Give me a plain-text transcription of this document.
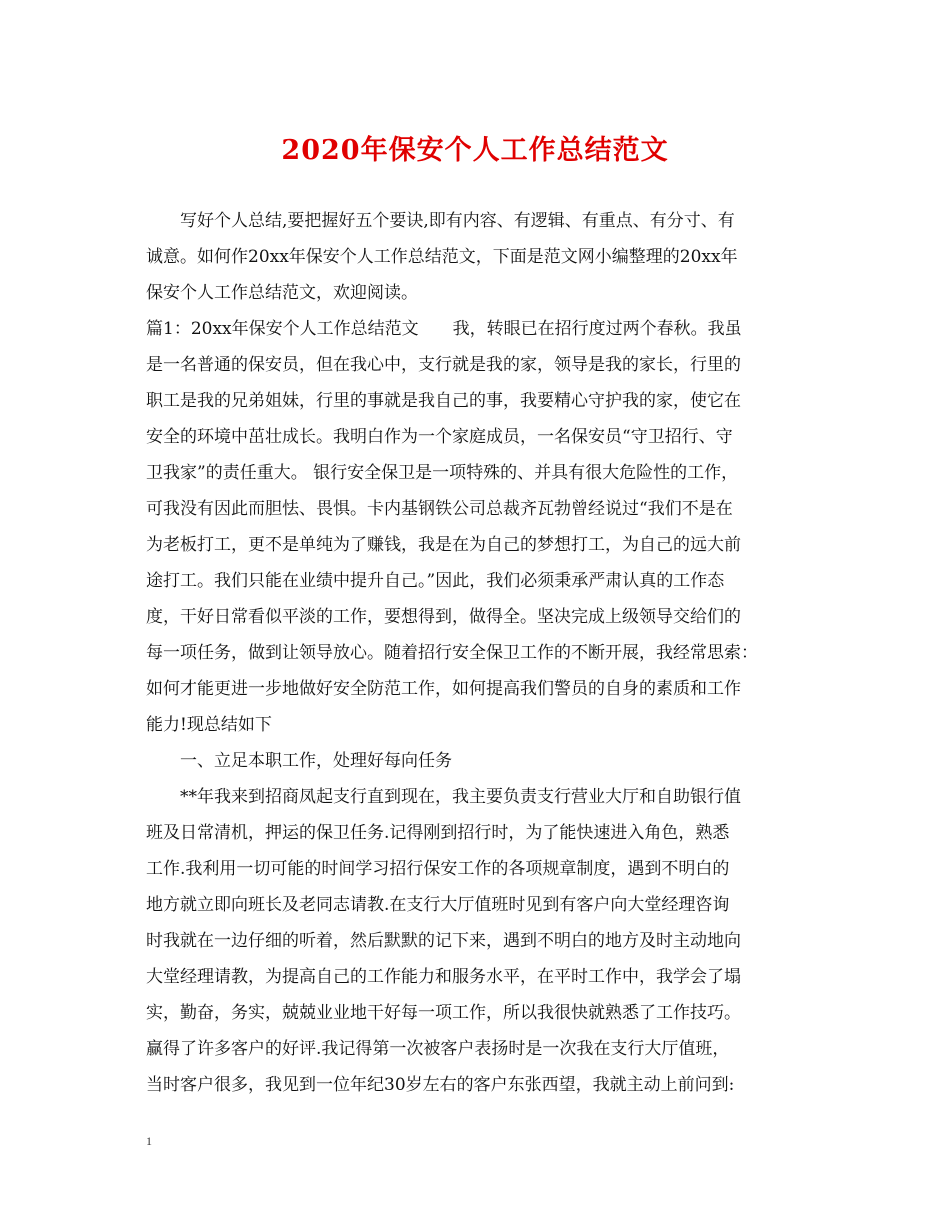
2020年保安个人工作总结范文
　　写好个人总结,要把握好五个要诀,即有内容、有逻辑、有重点、有分寸、有
诚意。如何作20xx年保安个人工作总结范文，下面是范文网小编整理的20xx年
保安个人工作总结范文，欢迎阅读。
篇1：20xx年保安个人工作总结范文　　我，转眼已在招行度过两个春秋。我虽
是一名普通的保安员，但在我心中，支行就是我的家，领导是我的家长，行里的
职工是我的兄弟姐妹，行里的事就是我自己的事，我要精心守护我的家，使它在
安全的环境中茁壮成长。我明白作为一个家庭成员，一名保安员“守卫招行、守
卫我家”的责任重大。 银行安全保卫是一项特殊的、并具有很大危险性的工作，
可我没有因此而胆怯、畏惧。卡内基钢铁公司总裁齐瓦勃曾经说过“我们不是在
为老板打工，更不是单纯为了赚钱，我是在为自己的梦想打工，为自己的远大前
途打工。我们只能在业绩中提升自己。”因此，我们必须秉承严肃认真的工作态
度，干好日常看似平淡的工作，要想得到，做得全。坚决完成上级领导交给们的
每一项任务，做到让领导放心。随着招行安全保卫工作的不断开展，我经常思索：
如何才能更进一步地做好安全防范工作，如何提高我们警员的自身的素质和工作
能力!现总结如下
　　一、立足本职工作，处理好每向任务
　　**年我来到招商凤起支行直到现在，我主要负责支行营业大厅和自助银行值
班及日常清机，押运的保卫任务.记得刚到招行时，为了能快速进入角色，熟悉
工作.我利用一切可能的时间学习招行保安工作的各项规章制度，遇到不明白的
地方就立即向班长及老同志请教.在支行大厅值班时见到有客户向大堂经理咨询
时我就在一边仔细的听着，然后默默的记下来，遇到不明白的地方及时主动地向
大堂经理请教，为提高自己的工作能力和服务水平，在平时工作中，我学会了塌
实，勤奋，务实，兢兢业业地干好每一项工作，所以我很快就熟悉了工作技巧。
赢得了许多客户的好评.我记得第一次被客户表扬时是一次我在支行大厅值班，
当时客户很多，我见到一位年纪30岁左右的客户东张西望，我就主动上前问到:
1
